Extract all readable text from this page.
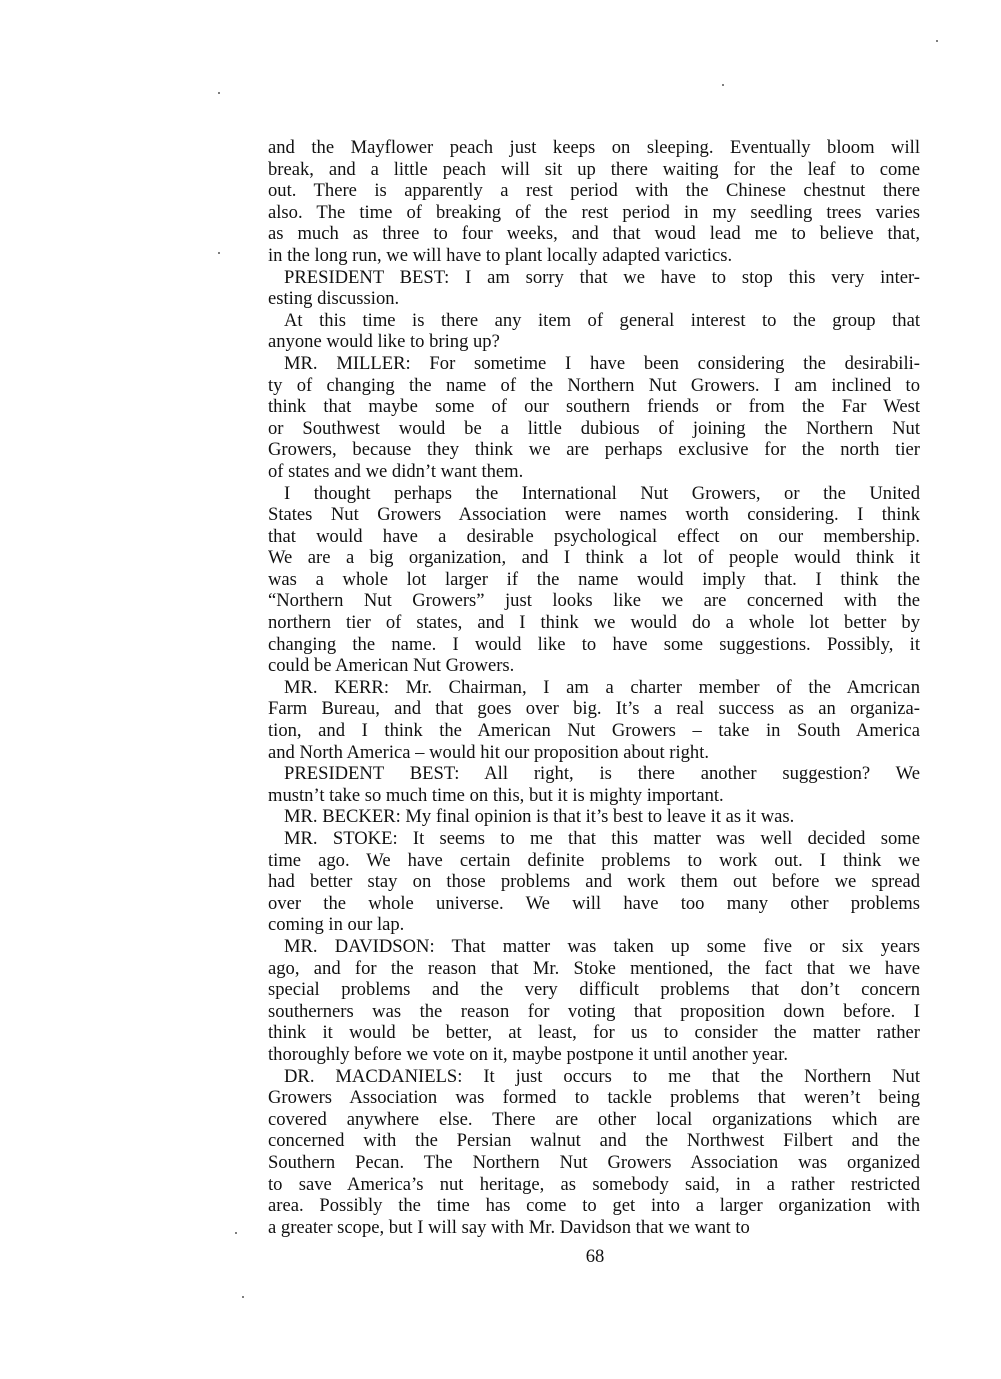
and the Mayflower peach just keeps on sleeping. Eventually bloom will
break, and a little peach will sit up there waiting for the leaf to come
out. There is apparently a rest period with the Chinese chestnut there
also. The time of breaking of the rest period in my seedling trees varies
as much as three to four weeks, and that woud lead me to believe that,
in the long run, we will have to plant locally adapted varictics.
PRESIDENT BEST: I am sorry that we have to stop this very inter-
esting discussion.
At this time is there any item of general interest to the group that
anyone would like to bring up?
MR. MILLER: For sometime I have been considering the desirabili-
ty of changing the name of the Northern Nut Growers. I am inclined to
think that maybe some of our southern friends or from the Far West
or Southwest would be a little dubious of joining the Northern Nut
Growers, because they think we are perhaps exclusive for the north tier
of states and we didn’t want them.
I thought perhaps the International Nut Growers, or the United
States Nut Growers Association were names worth considering. I think
that would have a desirable psychological effect on our membership.
We are a big organization, and I think a lot of people would think it
was a whole lot larger if the name would imply that. I think the
“Northern Nut Growers” just looks like we are concerned with the
northern tier of states, and I think we would do a whole lot better by
changing the name. I would like to have some suggestions. Possibly, it
could be American Nut Growers.
MR. KERR: Mr. Chairman, I am a charter member of the Amcrican
Farm Bureau, and that goes over big. It’s a real success as an organiza-
tion, and I think the American Nut Growers – take in South America
and North America – would hit our proposition about right.
PRESIDENT BEST: All right, is there another suggestion? We
mustn’t take so much time on this, but it is mighty important.
MR. BECKER: My final opinion is that it’s best to leave it as it was.
MR. STOKE: It seems to me that this matter was well decided some
time ago. We have certain definite problems to work out. I think we
had better stay on those problems and work them out before we spread
over the whole universe. We will have too many other problems
coming in our lap.
MR. DAVIDSON: That matter was taken up some five or six years
ago, and for the reason that Mr. Stoke mentioned, the fact that we have
special problems and the very difficult problems that don’t concern
southerners was the reason for voting that proposition down before. I
think it would be better, at least, for us to consider the matter rather
thoroughly before we vote on it, maybe postpone it until another year.
DR. MACDANIELS: It just occurs to me that the Northern Nut
Growers Association was formed to tackle problems that weren’t being
covered anywhere else. There are other local organizations which are
concerned with the Persian walnut and the Northwest Filbert and the
Southern Pecan. The Northern Nut Growers Association was organized
to save America’s nut heritage, as somebody said, in a rather restricted
area. Possibly the time has come to get into a larger organization with
a greater scope, but I will say with Mr. Davidson that we want to
68
